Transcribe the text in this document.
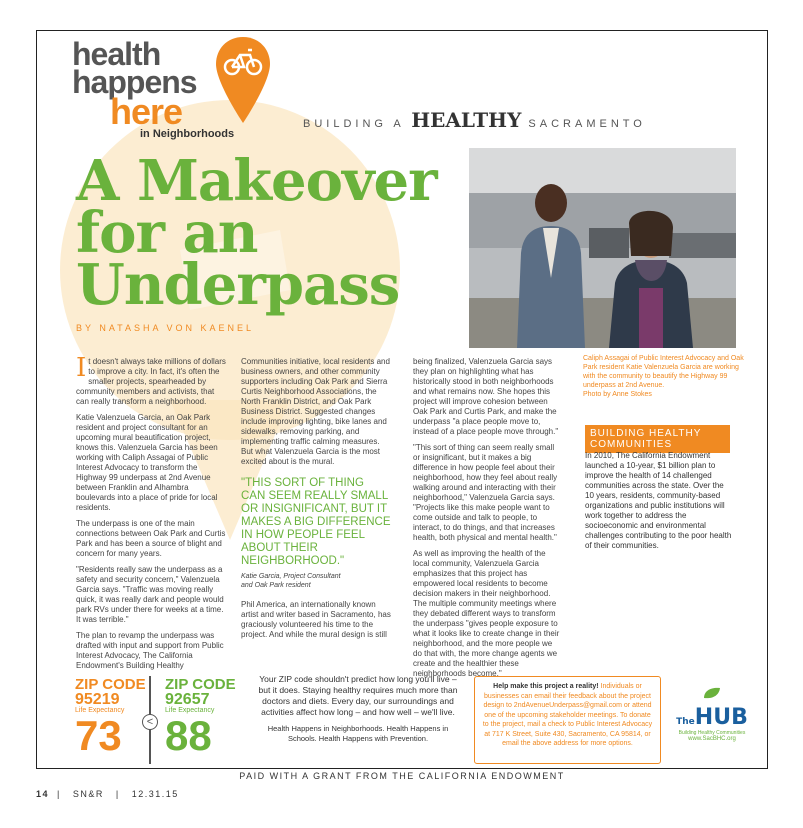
health
happens
here
in Neighborhoods
BUILDING A HEALTHY SACRAMENTO
A Makeover
for an
Underpass
BY NATASHA VON KAENEL
Caliph Assagai of Public Interest Advocacy and Oak Park resident Katie Valenzuela Garcia are working with the community to beautify the Highway 99 underpass at 2nd Avenue.
Photo by Anne Stokes

It doesn't always take millions of dollars to improve a city. In fact, it's often the smaller projects, spearheaded by community members and activists, that can really transform a neighborhood.

Katie Valenzuela Garcia, an Oak Park resident and project consultant for an upcoming mural beautification project, knows this. Valenzuela Garcia has been working with Caliph Assagai of Public Interest Advocacy to transform the Highway 99 underpass at 2nd Avenue between Franklin and Alhambra boulevards into a place of pride for local residents.

The underpass is one of the main connections between Oak Park and Curtis Park and has been a source of blight and concern for many years.

"Residents really saw the underpass as a safety and security concern," Valenzuela Garcia says. "Traffic was moving really quick, it was really dark and people would park RVs under there for weeks at a time. It was terrible."

The plan to revamp the underpass was drafted with input and support from Public Interest Advocacy, The California Endowment's Building Healthy

Communities initiative, local residents and business owners, and other community supporters including Oak Park and Sierra Curtis Neighborhood Associations, the North Franklin District, and Oak Park Business District. Suggested changes include improving lighting, bike lanes and sidewalks, removing parking, and implementing traffic calming measures. But what Valenzuela Garcia is the most excited about is the mural.

"THIS SORT OF THING CAN SEEM REALLY SMALL OR INSIGNIFICANT, BUT IT MAKES A BIG DIFFERENCE IN HOW PEOPLE FEEL ABOUT THEIR NEIGHBORHOOD."
Katie Garcia, Project Consultant
and Oak Park resident

Phil America, an internationally known artist and writer based in Sacramento, has graciously volunteered his time to the project. And while the mural design is still

being finalized, Valenzuela Garcia says they plan on highlighting what has historically stood in both neighborhoods and what remains now. She hopes this project will improve cohesion between Oak Park and Curtis Park, and make the underpass "a place people move to, instead of a place people move through."

"This sort of thing can seem really small or insignificant, but it makes a big difference in how people feel about their neighborhood, how they feel about really walking around and interacting with their neighborhood," Valenzuela Garcia says. "Projects like this make people want to come outside and talk to people, to interact, to do things, and that increases health, both physical and mental health."

As well as improving the health of the local community, Valenzuela Garcia emphasizes that this project has empowered local residents to become decision makers in their neighborhood. The multiple community meetings where they debated different ways to transform the underpass "gives people exposure to what it looks like to create change in their neighborhood, and the more people we do that with, the more change agents we create and the healthier these neighborhoods become."

BUILDING HEALTHY
COMMUNITIES
In 2010, The California Endowment launched a 10-year, $1 billion plan to improve the health of 14 challenged communities across the state. Over the 10 years, residents, community-based organizations and public institutions will work together to address the socioeconomic and environmental challenges contributing to the poor health of their communities.
ZIP CODE
95219
Life Expectancy
73	<
ZIP CODE
92657
Life Expectancy
88

Your ZIP code shouldn't predict how long you'll live – but it does. Staying healthy requires much more than doctors and diets. Every day, our surroundings and activities affect how long – and how well – we'll live.

Health Happens in Neighborhoods. Health Happens in Schools. Health Happens with Prevention.

Help make this project a reality! Individuals or businesses can email their feedback about the project design to 2ndAvenueUnderpass@gmail.com or attend one of the upcoming stakeholder meetings. To donate to the project, mail a check to Public Interest Advocacy at 717 K Street, Suite 430, Sacramento, CA 95814, or email the above address for more options.
TheHUB
Building Healthy Communities
www.SacBHC.org
PAID WITH A GRANT FROM THE CALIFORNIA ENDOWMENT
14  |   SN&R   |   12.31.15
